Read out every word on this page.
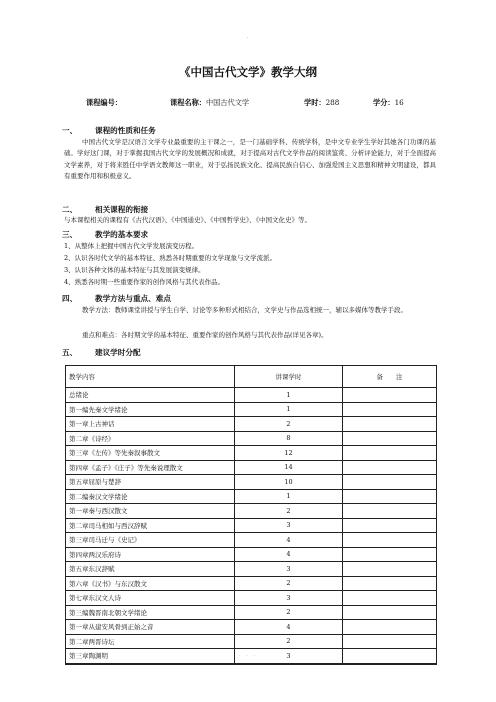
.
《中国古代文学》教学大纲
课程编号：	课程名称：中国古代文学	学时：288	学分：16
一、 课程的性质和任务
中国古代文学是汉语言文学专业最重要的主干课之一，是一门基础学科、传统学科，是中文专业学生学好其她各门功课的基础。学好这门课，对于掌握我国古代文学的发展概况和成就，对于提高对古代文学作品的阅读鉴赏、分析评论能力，对于全面提高文学素养，对于将来胜任中学语文教师这一职业，对于弘扬民族文化、提高民族自信心、加强爱国主义思想和精神文明建设，都具有重要作用和积极意义。
二、 相关课程的衔接
与本课程相关的课程有《古代汉语》、《中国通史》、《中国哲学史》、《中国文化史》等。
三、 教学的基本要求
1、从整体上把握中国古代文学发展演变历程。
2、认识各时代文学的基本特征、熟悉各时期重要的文学现象与文学流派。
3、认识各种文体的基本特征与其发展演变规律。
4、熟悉各时期一些重要作家的创作风格与其代表作品。
四、 教学方法与重点、难点
教学方法：教师课堂讲授与学生自学、讨论等多种形式相结合，文学史与作品选相统一，辅以多媒体等教学手段。
重点和难点：各时期文学的基本特征、重要作家的创作风格与其代表作品(详见各章)。
五、 建议学时分配
教学内容	讲课学时	备　　注
总绪论	1	
第一编先秦文学绪论	1	
第一章上古神话	2	
第二章《诗经》	8	
第三章《左传》等先秦叙事散文	12	
第四章《孟子》《庄子》等先秦说理散文	14	
第五章屈原与楚辞	10	
第二编秦汉文学绪论	1	
第一章秦与西汉散文	2	
第二章司马相如与西汉辞赋	3	
第三章司马迁与《史记》	4	
第四章两汉乐府诗	4	
第五章东汉辞赋	3	
第六章《汉书》与东汉散文	2	
第七章东汉文人诗	3	
第三编魏晋南北朝文学绪论	2	
第一章从建安风骨到正始之音	4	
第二章两晋诗坛	2	
第三章陶渊明	3	

. . .
